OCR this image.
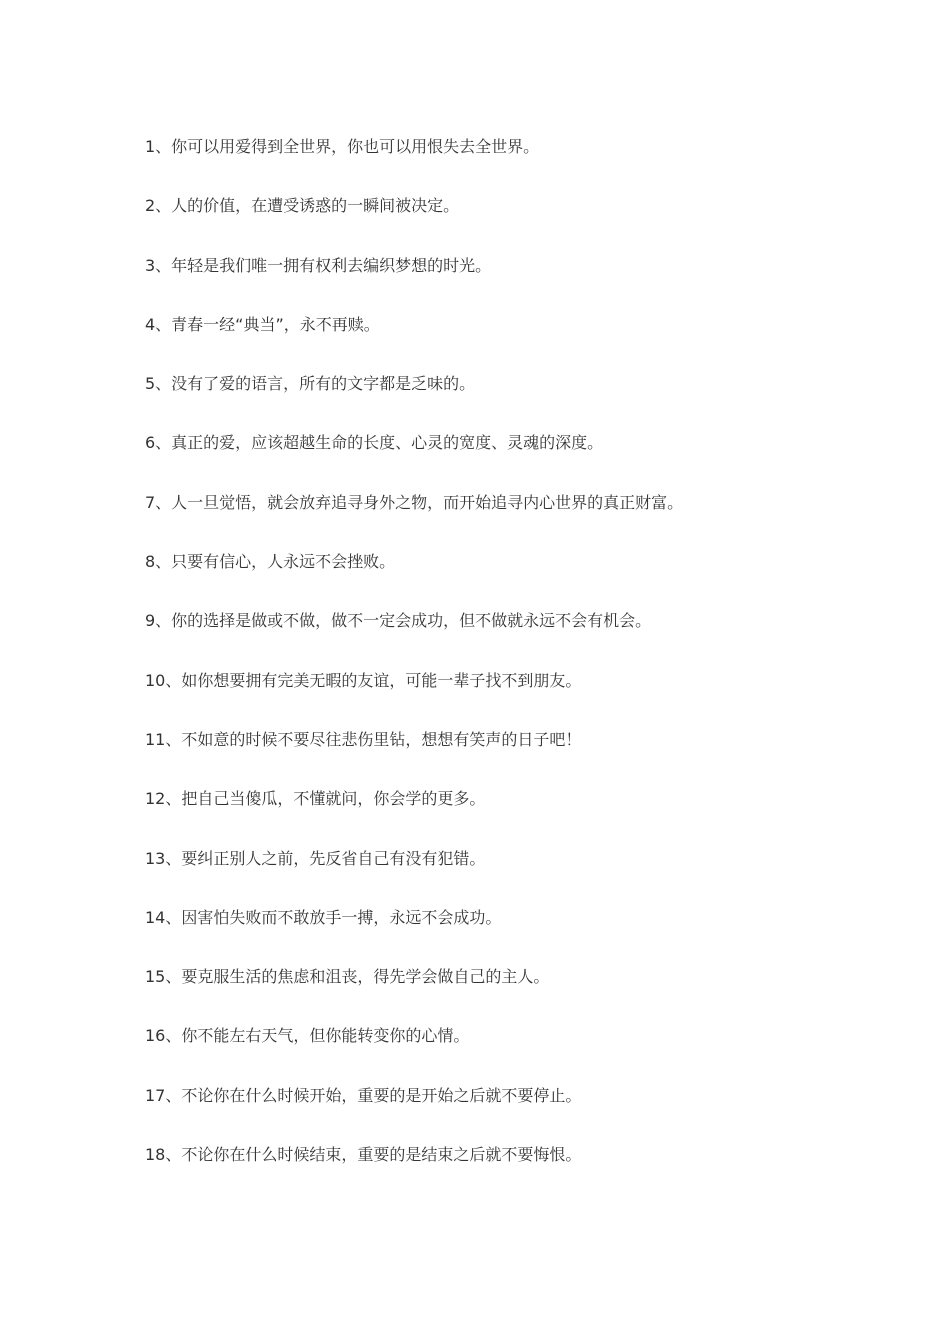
1、你可以用爱得到全世界，你也可以用恨失去全世界。
2、人的价值，在遭受诱惑的一瞬间被决定。
3、年轻是我们唯一拥有权利去编织梦想的时光。
4、青春一经“典当”，永不再赎。
5、没有了爱的语言，所有的文字都是乏味的。
6、真正的爱，应该超越生命的长度、心灵的宽度、灵魂的深度。
7、人一旦觉悟，就会放弃追寻身外之物，而开始追寻内心世界的真正财富。
8、只要有信心，人永远不会挫败。
9、你的选择是做或不做，做不一定会成功，但不做就永远不会有机会。
10、如你想要拥有完美无暇的友谊，可能一辈子找不到朋友。
11、不如意的时候不要尽往悲伤里钻，想想有笑声的日子吧！
12、把自己当傻瓜，不懂就问，你会学的更多。
13、要纠正别人之前，先反省自己有没有犯错。
14、因害怕失败而不敢放手一搏，永远不会成功。
15、要克服生活的焦虑和沮丧，得先学会做自己的主人。
16、你不能左右天气，但你能转变你的心情。
17、不论你在什么时候开始，重要的是开始之后就不要停止。
18、不论你在什么时候结束，重要的是结束之后就不要悔恨。
